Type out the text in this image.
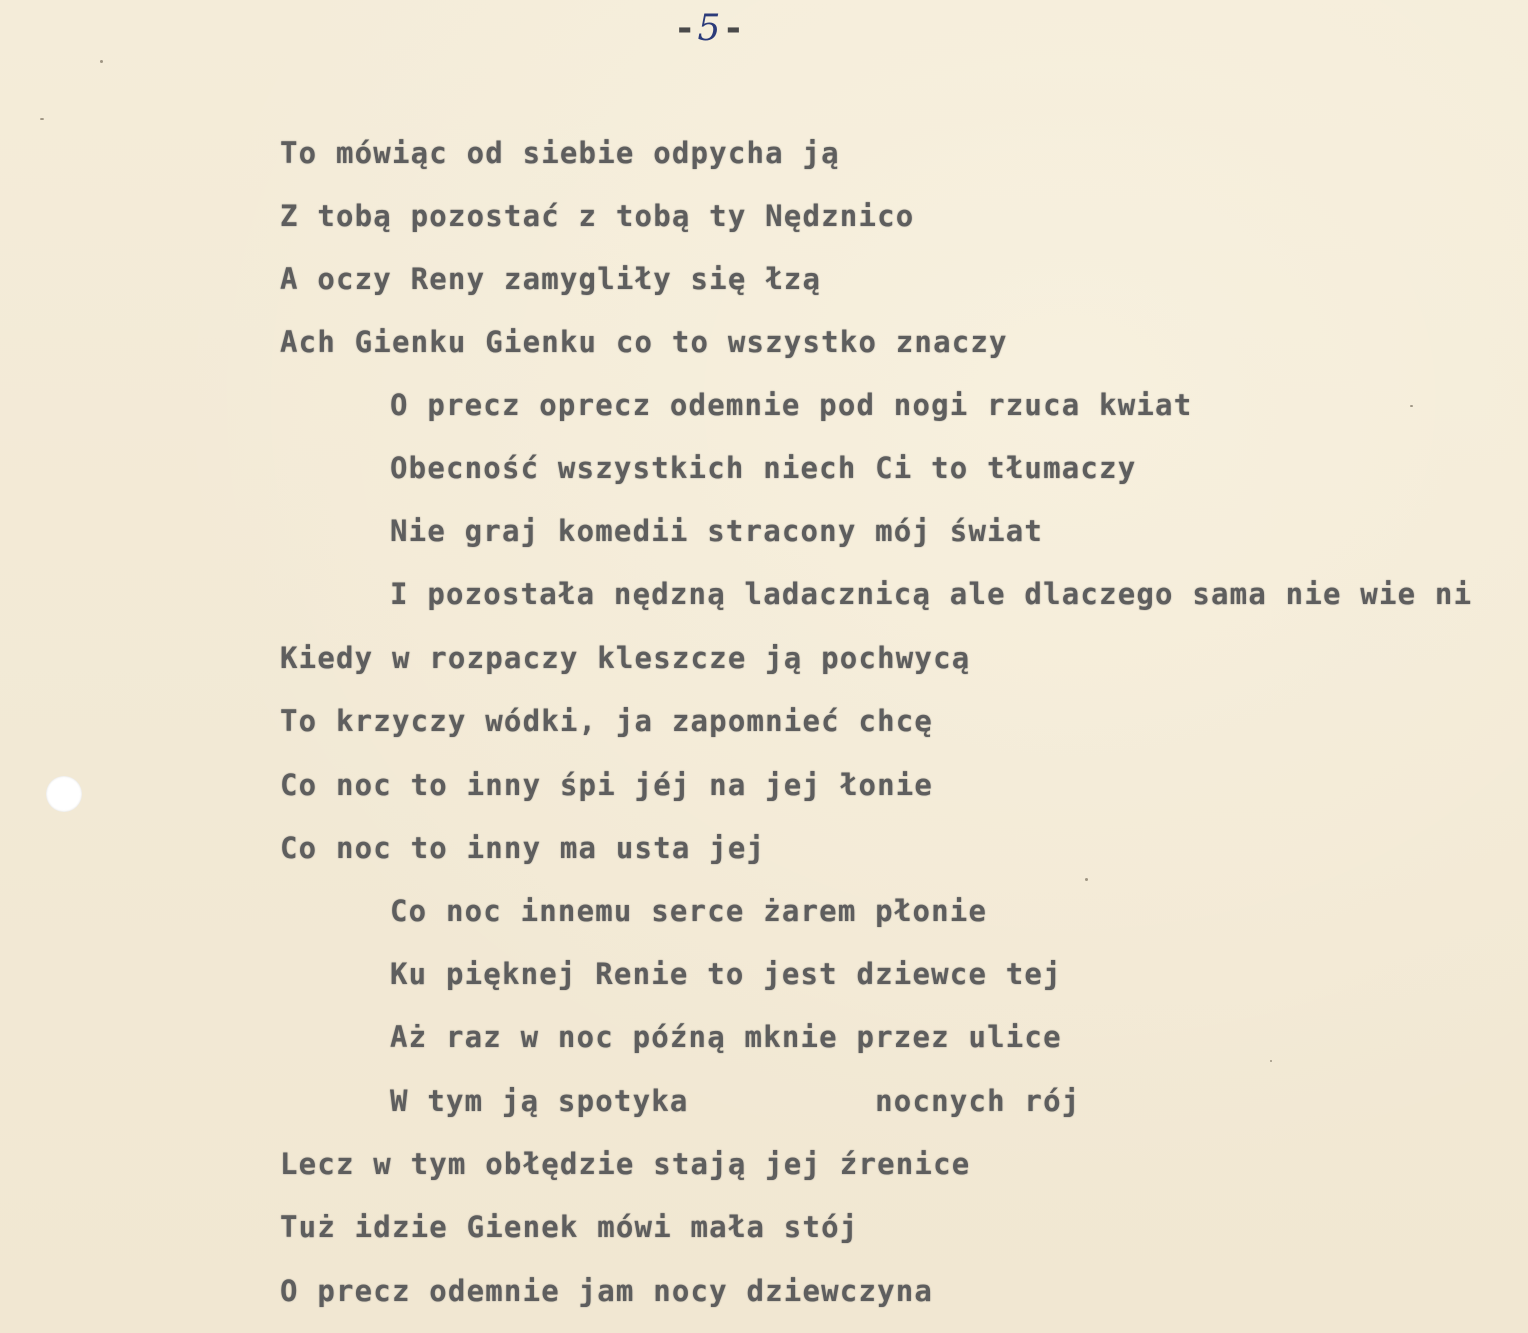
-5-
To mówiąc od siebie odpycha ją
Z tobą pozostać z tobą ty Nędznico
A oczy Reny zamygliły się łzą
Ach Gienku Gienku co to wszystko znaczy
O precz oprecz odemnie pod nogi rzuca kwiat
Obecność wszystkich niech Ci to tłumaczy
Nie graj komedii stracony mój świat
I pozostała nędzną ladacznicą ale dlaczego sama nie wie ni
Kiedy w rozpaczy kleszcze ją pochwycą
To krzyczy wódki, ja zapomnieć chcę
Co noc to inny śpi jéj na jej łonie
Co noc to inny ma usta jej
Co noc innemu serce żarem płonie
Ku pięknej Renie to jest dziewce tej
Aż raz w noc późną mknie przez ulice
W tym ją spotyka          nocnych rój
Lecz w tym obłędzie stają jej źrenice
Tuż idzie Gienek mówi mała stój
O precz odemnie jam nocy dziewczyna
